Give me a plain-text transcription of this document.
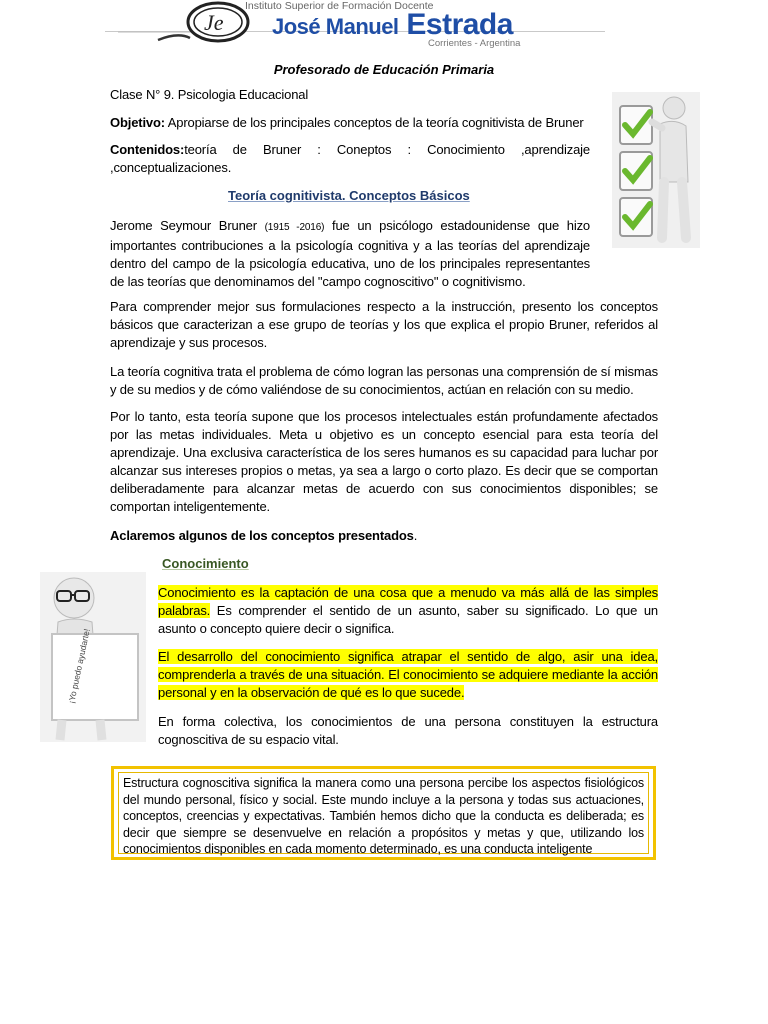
Je
Instituto Superior de Formación Docente
José Manuel Estrada
Corrientes - Argentina
Profesorado de Educación Primaria

Clase N° 9. Psicologia Educacional

Objetivo: Apropiarse de los principales conceptos de la teoría cognitivista de Bruner

Contenidos:teoría de Bruner : Coneptos : Conocimiento ,aprendizaje ,conceptualizaciones.

Teoría cognitivista. Conceptos Básicos

Jerome Seymour Bruner (1915 -2016) fue un psicólogo estadounidense que hizo importantes contribuciones a la psicología cognitiva y a las teorías del aprendizaje dentro del campo de la psicología educativa, uno de los principales representantes de las teorías que denominamos del "campo cognoscitivo" o cognitivismo.

Para comprender mejor sus formulaciones respecto a la instrucción, presento los conceptos básicos que caracterizan a ese grupo de teorías y los que explica el propio Bruner, referidos al aprendizaje y sus procesos.

La teoría cognitiva trata el problema de cómo logran las personas una comprensión de sí mismas y de su medios y de cómo valiéndose de su conocimientos, actúan en relación con su medio.

Por lo tanto, esta teoría supone que los procesos intelectuales están profundamente afectados por las metas individuales. Meta u objetivo es un concepto esencial para esta teoría del aprendizaje. Una exclusiva característica de los seres humanos es su capacidad para luchar por alcanzar sus intereses propios o metas, ya sea a largo o corto plazo. Es decir que se comportan deliberadamente para alcanzar metas de acuerdo con sus conocimientos disponibles; se comportan inteligentemente.

Aclaremos algunos de los conceptos presentados.

Conocimiento
¡Yo puedo ayudarte!

Conocimiento es la captación de una cosa que a menudo va más allá de las simples palabras. Es comprender el sentido de un asunto, saber su significado. Lo que un asunto o concepto quiere decir o significa.

El desarrollo del conocimiento significa atrapar el sentido de algo, asir una idea, comprenderla a través de una situación. El conocimiento se adquiere mediante la acción personal y en la observación de qué es lo que sucede.

En forma colectiva, los conocimientos de una persona constituyen la estructura cognoscitiva de su espacio vital.

Estructura cognoscitiva significa la manera como una persona percibe los aspectos fisiológicos del mundo personal, físico y social. Este mundo incluye a la persona y todas sus actuaciones, conceptos, creencias y expectativas. También hemos dicho que la conducta es deliberada; es decir que siempre se desenvuelve en relación a propósitos y metas y que, utilizando los conocimientos disponibles en cada momento determinado, es una conducta inteligente
